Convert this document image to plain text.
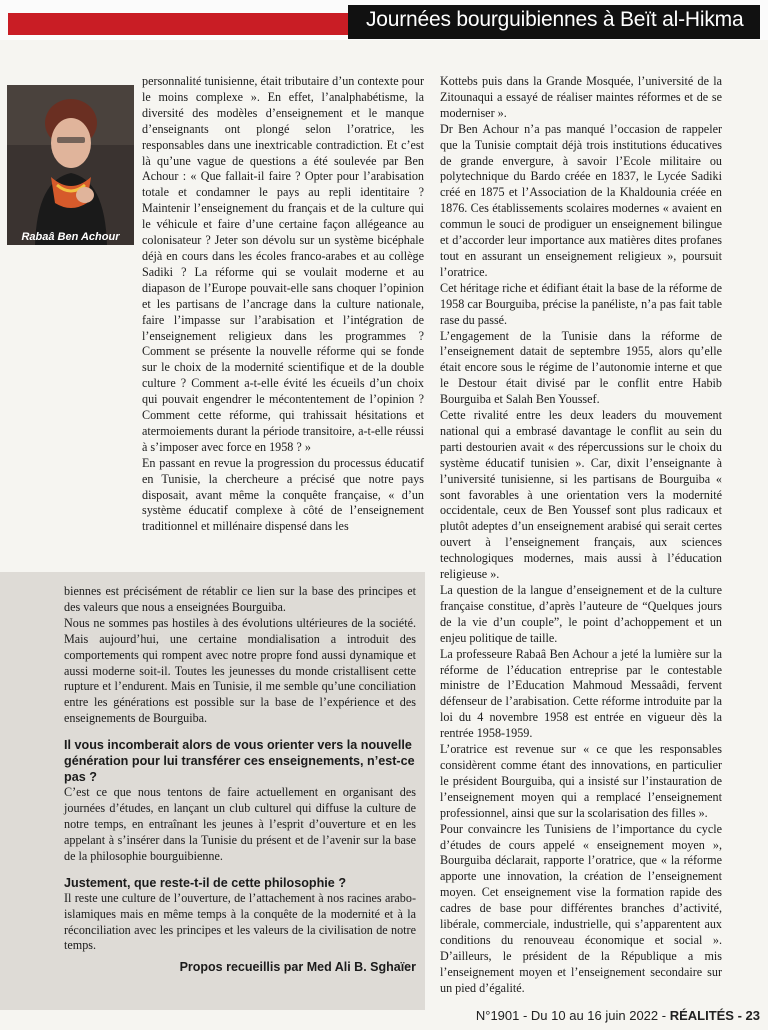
Journées bourguibiennes à Beït al-Hikma
Rabaâ Ben Achour

personnalité tunisienne, était tributaire d’un contexte pour le moins complexe ». En effet, l’analphabétisme, la diversité des modèles d’enseignement et le manque d’enseignants ont plongé selon l’oratrice, les responsables dans une inextricable contradiction. Et c’est là qu’une vague de questions a été soulevée par Ben Achour : « Que fallait-il faire ? Opter pour l’arabisation totale et condamner le pays au repli identitaire ? Maintenir l’enseignement du français et de la culture qui le véhicule et faire d’une certaine façon allégeance au colonisateur ? Jeter son dévolu sur un système bicéphale déjà en cours dans les écoles franco-arabes et au collège Sadiki ? La réforme qui se voulait moderne et au diapason de l’Europe pouvait-elle sans choquer l’opinion et les partisans de l’ancrage dans la culture nationale, faire l’impasse sur l’arabisation et l’intégration de l’enseignement religieux dans les programmes ? Comment se présente la nouvelle réforme qui se fonde sur le choix de la modernité scientifique et de la double culture ? Comment a-t-elle évité les écueils d’un choix qui pouvait engendrer le mécontentement de l’opinion ? Comment cette réforme, qui trahissait hésitations et atermoiements durant la période transitoire, a-t-elle réussi à s’imposer avec force en 1958 ? »

En passant en revue la progression du processus éducatif en Tunisie, la chercheure a précisé que notre pays disposait, avant même la conquête française, « d’un système éducatif complexe à côté de l’enseignement traditionnel et millénaire dispensé dans les

Kottebs puis dans la Grande Mosquée, l’université de la Zitounaqui a essayé de réaliser maintes réformes et de se moderniser ».

Dr Ben Achour n’a pas manqué l’occasion de rappeler que la Tunisie comptait déjà trois institutions éducatives de grande envergure, à savoir l’Ecole militaire ou polytechnique du Bardo créée en 1837, le Lycée Sadiki créé en 1875 et l’Association de la Khaldounia créée en 1876. Ces établissements scolaires modernes « avaient en commun le souci de prodiguer un enseignement bilingue et d’accorder leur importance aux matières dites profanes tout en assurant un enseignement religieux », poursuit l’oratrice.

Cet héritage riche et édifiant était la base de la réforme de 1958 car Bourguiba, précise la panéliste, n’a pas fait table rase du passé.

L’engagement de la Tunisie dans la réforme de l’enseignement datait de septembre 1955, alors qu’elle était encore sous le régime de l’autonomie interne et que le Destour était divisé par le conflit entre Habib Bourguiba et Salah Ben Youssef.

Cette rivalité entre les deux leaders du mouvement national qui a embrasé davantage le conflit au sein du parti destourien avait « des répercussions sur le choix du système éducatif tunisien ». Car, dixit l’enseignante à l’université tunisienne, si les partisans de Bourguiba « sont favorables à une orientation vers la modernité occidentale, ceux de Ben Youssef sont plus radicaux et plutôt adeptes d’un enseignement arabisé qui serait certes ouvert à l’enseignement français, aux sciences technologiques modernes, mais aussi à l’éducation religieuse ».

La question de la langue d’enseignement et de la culture française constitue, d’après l’auteure de “Quelques jours de la vie d’un couple”, le point d’achoppement et un enjeu politique de taille.

La professeure Rabaâ Ben Achour a jeté la lumière sur la réforme de l’éducation entreprise par le contestable ministre de l’Education Mahmoud Messaâdi, fervent défenseur de l’arabisation. Cette réforme introduite par la loi du 4 novembre 1958 est entrée en vigueur dès la rentrée 1958-1959.

L’oratrice est revenue sur « ce que les responsables considèrent comme étant des innovations, en particulier le président Bourguiba, qui a insisté sur l’instauration de l’enseignement moyen qui a remplacé l’enseignement professionnel, ainsi que sur la scolarisation des filles ».

Pour convaincre les Tunisiens de l’importance du cycle d’études de cours appelé « enseignement moyen », Bourguiba déclarait, rapporte l’oratrice, que « la réforme apporte une innovation, la création de l’enseignement moyen. Cet enseignement vise la formation rapide des cadres de base pour différentes branches d’activité, libérale, commerciale, industrielle, qui s’apparentent aux conditions du renouveau économique et social ». D’ailleurs, le président de la République a mis l’enseignement moyen et l’enseignement secondaire sur un pied d’égalité.

biennes est précisément de rétablir ce lien sur la base des principes et des valeurs que nous a enseignées Bourguiba.

Nous ne sommes pas hostiles à des évolutions ultérieures de la société. Mais aujourd’hui, une certaine mondialisation a introduit des comportements qui rompent avec notre propre fond aussi dynamique et aussi moderne soit-il. Toutes les jeunesses du monde cristallisent cette rupture et l’endurent. Mais en Tunisie, il me semble qu’une conciliation entre les générations est possible sur la base de l’expérience et des enseignements de Bourguiba.

Il vous incomberait alors de vous orienter vers la nouvelle génération pour lui transférer ces enseignements, n’est-ce pas ?

C’est ce que nous tentons de faire actuellement en organisant des journées d’études, en lançant un club culturel qui diffuse la culture de notre temps, en entraînant les jeunes à l’esprit d’ouverture et en les appelant à s’insérer dans la Tunisie du présent et de l’avenir sur la base de la philosophie bourguibienne.

Justement, que reste-t-il de cette philosophie ?

Il reste une culture de l’ouverture, de l’attachement à nos racines arabo-islamiques mais en même temps à la conquête de la modernité et à la réconciliation avec les principes et les valeurs de la civilisation de notre temps.

Propos recueillis par Med Ali B. Sghaïer

N°1901 - Du 10 au 16 juin 2022 - RÉALITÉS - 23
